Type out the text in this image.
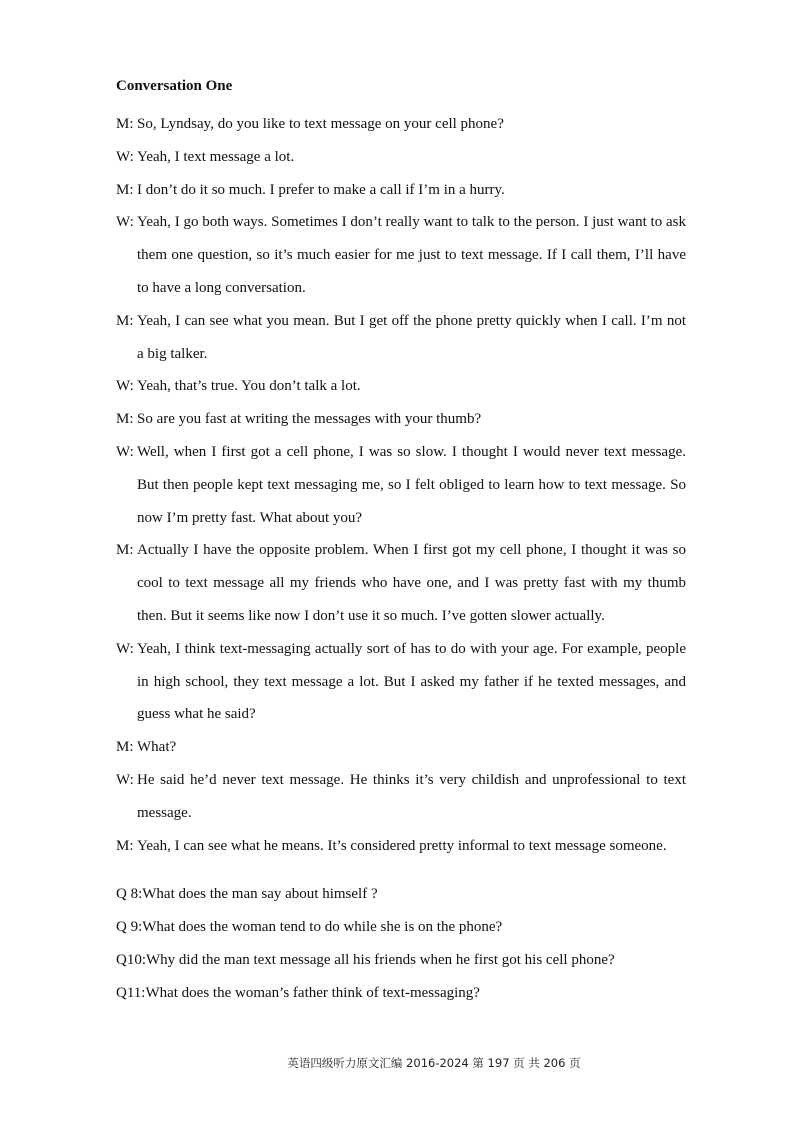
Conversation One
M: So, Lyndsay, do you like to text message on your cell phone?
W: Yeah, I text message a lot.
M: I don’t do it so much. I prefer to make a call if I’m in a hurry.
W: Yeah, I go both ways. Sometimes I don’t really want to talk to the person. I just want to ask them one question, so it’s much easier for me just to text message. If I call them, I’ll have to have a long conversation.
M: Yeah, I can see what you mean. But I get off the phone pretty quickly when I call. I’m not a big talker.
W: Yeah, that’s true. You don’t talk a lot.
M: So are you fast at writing the messages with your thumb?
W: Well, when I first got a cell phone, I was so slow. I thought I would never text message. But then people kept text messaging me, so I felt obliged to learn how to text message. So now I’m pretty fast. What about you?
M: Actually I have the opposite problem. When I first got my cell phone, I thought it was so cool to text message all my friends who have one, and I was pretty fast with my thumb then. But it seems like now I don’t use it so much. I’ve gotten slower actually.
W: Yeah, I think text-messaging actually sort of has to do with your age. For example, people in high school, they text message a lot. But I asked my father if he texted messages, and guess what he said?
M: What?
W: He said he’d never text message. He thinks it’s very childish and unprofessional to text message.
M: Yeah, I can see what he means. It’s considered pretty informal to text message someone.
Q 8: What does the man say about himself ?
Q 9: What does the woman tend to do while she is on the phone?
Q10: Why did the man text message all his friends when he first got his cell phone?
Q11: What does the woman’s father think of text-messaging?
英语四级听力原文汇编 2016-2024 第 197 页 共 206 页
